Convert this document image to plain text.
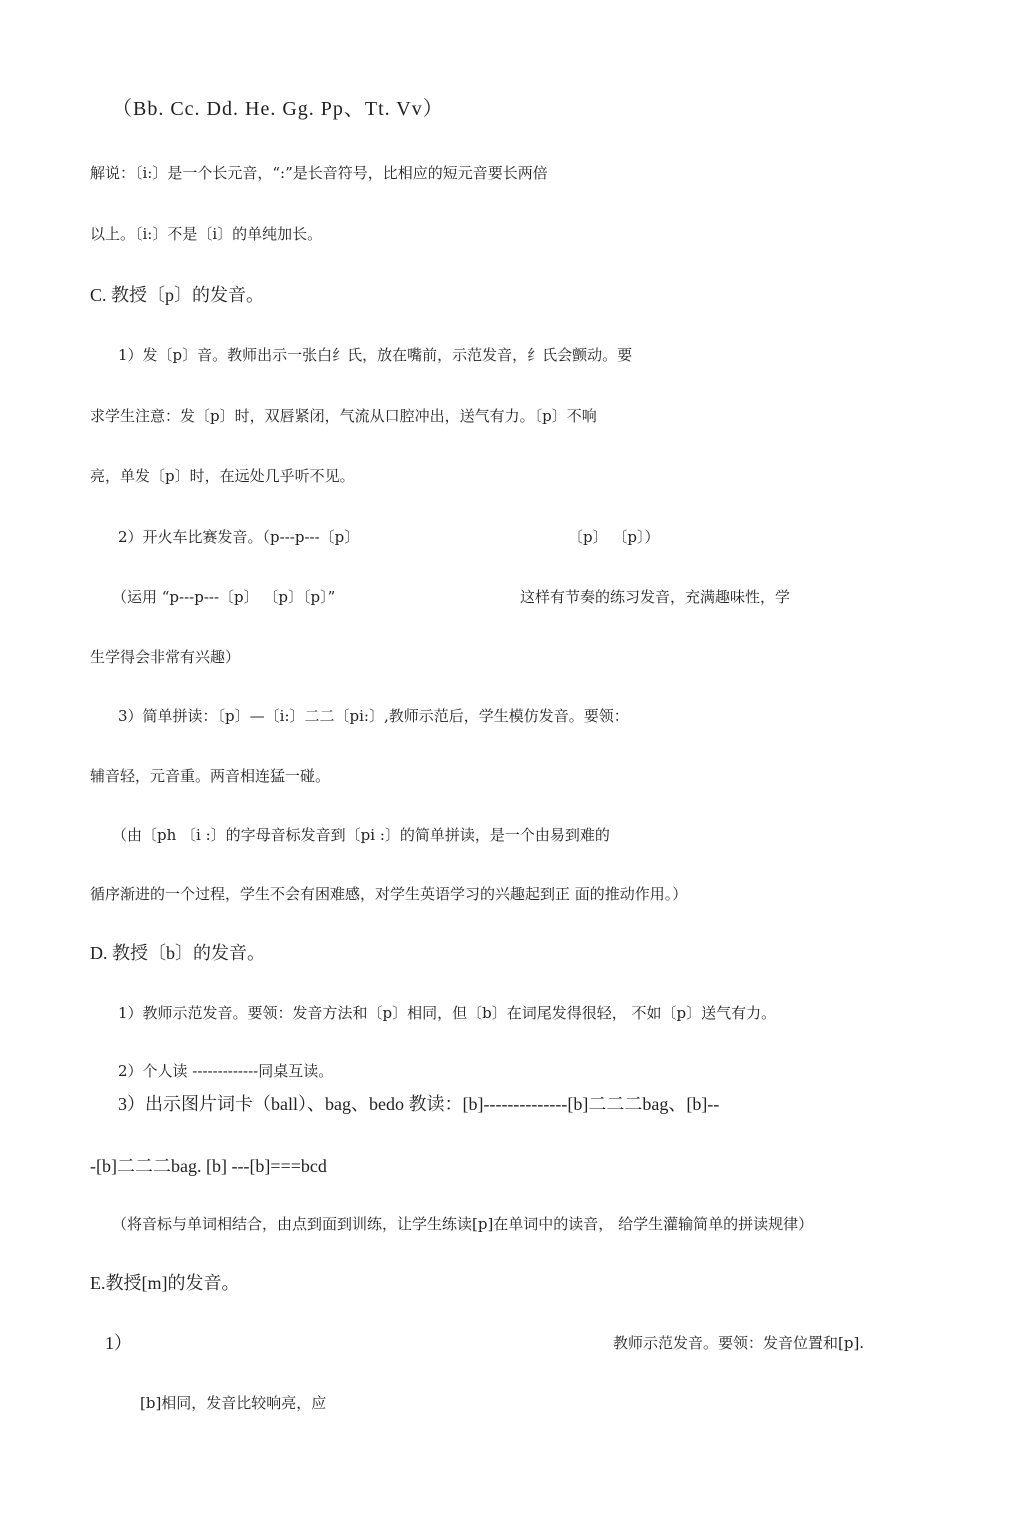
（Bb. Cc. Dd. He. Gg. Pp、Tt. Vv）
解说：〔i:〕是一个长元音，“:”是长音符号，比相应的短元音要长两倍
以上。〔i:〕不是〔i〕的单纯加长。
C. 教授〔p〕的发音。
1）发〔p〕音。教师出示一张白纟氏，放在嘴前，示范发音，纟氏会颤动。要
求学生注意：发〔p〕时，双唇紧闭，气流从口腔冲出，送气有力。〔p〕不响
亮，单发〔p〕时，在远处几乎听不见。
2）开火车比赛发音。（p---p---〔p〕	〔p〕 〔p〕）
（运用 “p---p---〔p〕 〔p〕〔p〕”	这样有节奏的练习发音，充满趣味性，学
生学得会非常有兴趣）
3）简单拼读：〔p〕—〔i:〕二二〔pi:〕,教师示范后，学生模仿发音。要领：
辅音轻，元音重。两音相连猛一碰。
（由〔ph 〔i :〕的字母音标发音到〔pi :〕的简单拼读，是一个由易到难的
循序渐进的一个过程，学生不会有困难感，对学生英语学习的兴趣起到正 面的推动作用。）
D. 教授〔b〕的发音。
1）教师示范发音。要领：发音方法和〔p〕相同，但〔b〕在词尾发得很轻， 不如〔p〕送气有力。
2）个人读 -------------同桌互读。
3）出示图片词卡（ball）、bag、bedo 教读：[b]--------------[b]二二二bag、[b]--
-[b]二二二bag. [b] ---[b]===bcd
（将音标与单词相结合，由点到面到训练，让学生练读[p]在单词中的读音， 给学生灌输简单的拼读规律）
E.教授[m]的发音。
1）	教师示范发音。要领：发音位置和[p].
[b]相同，发音比较响亮，应
